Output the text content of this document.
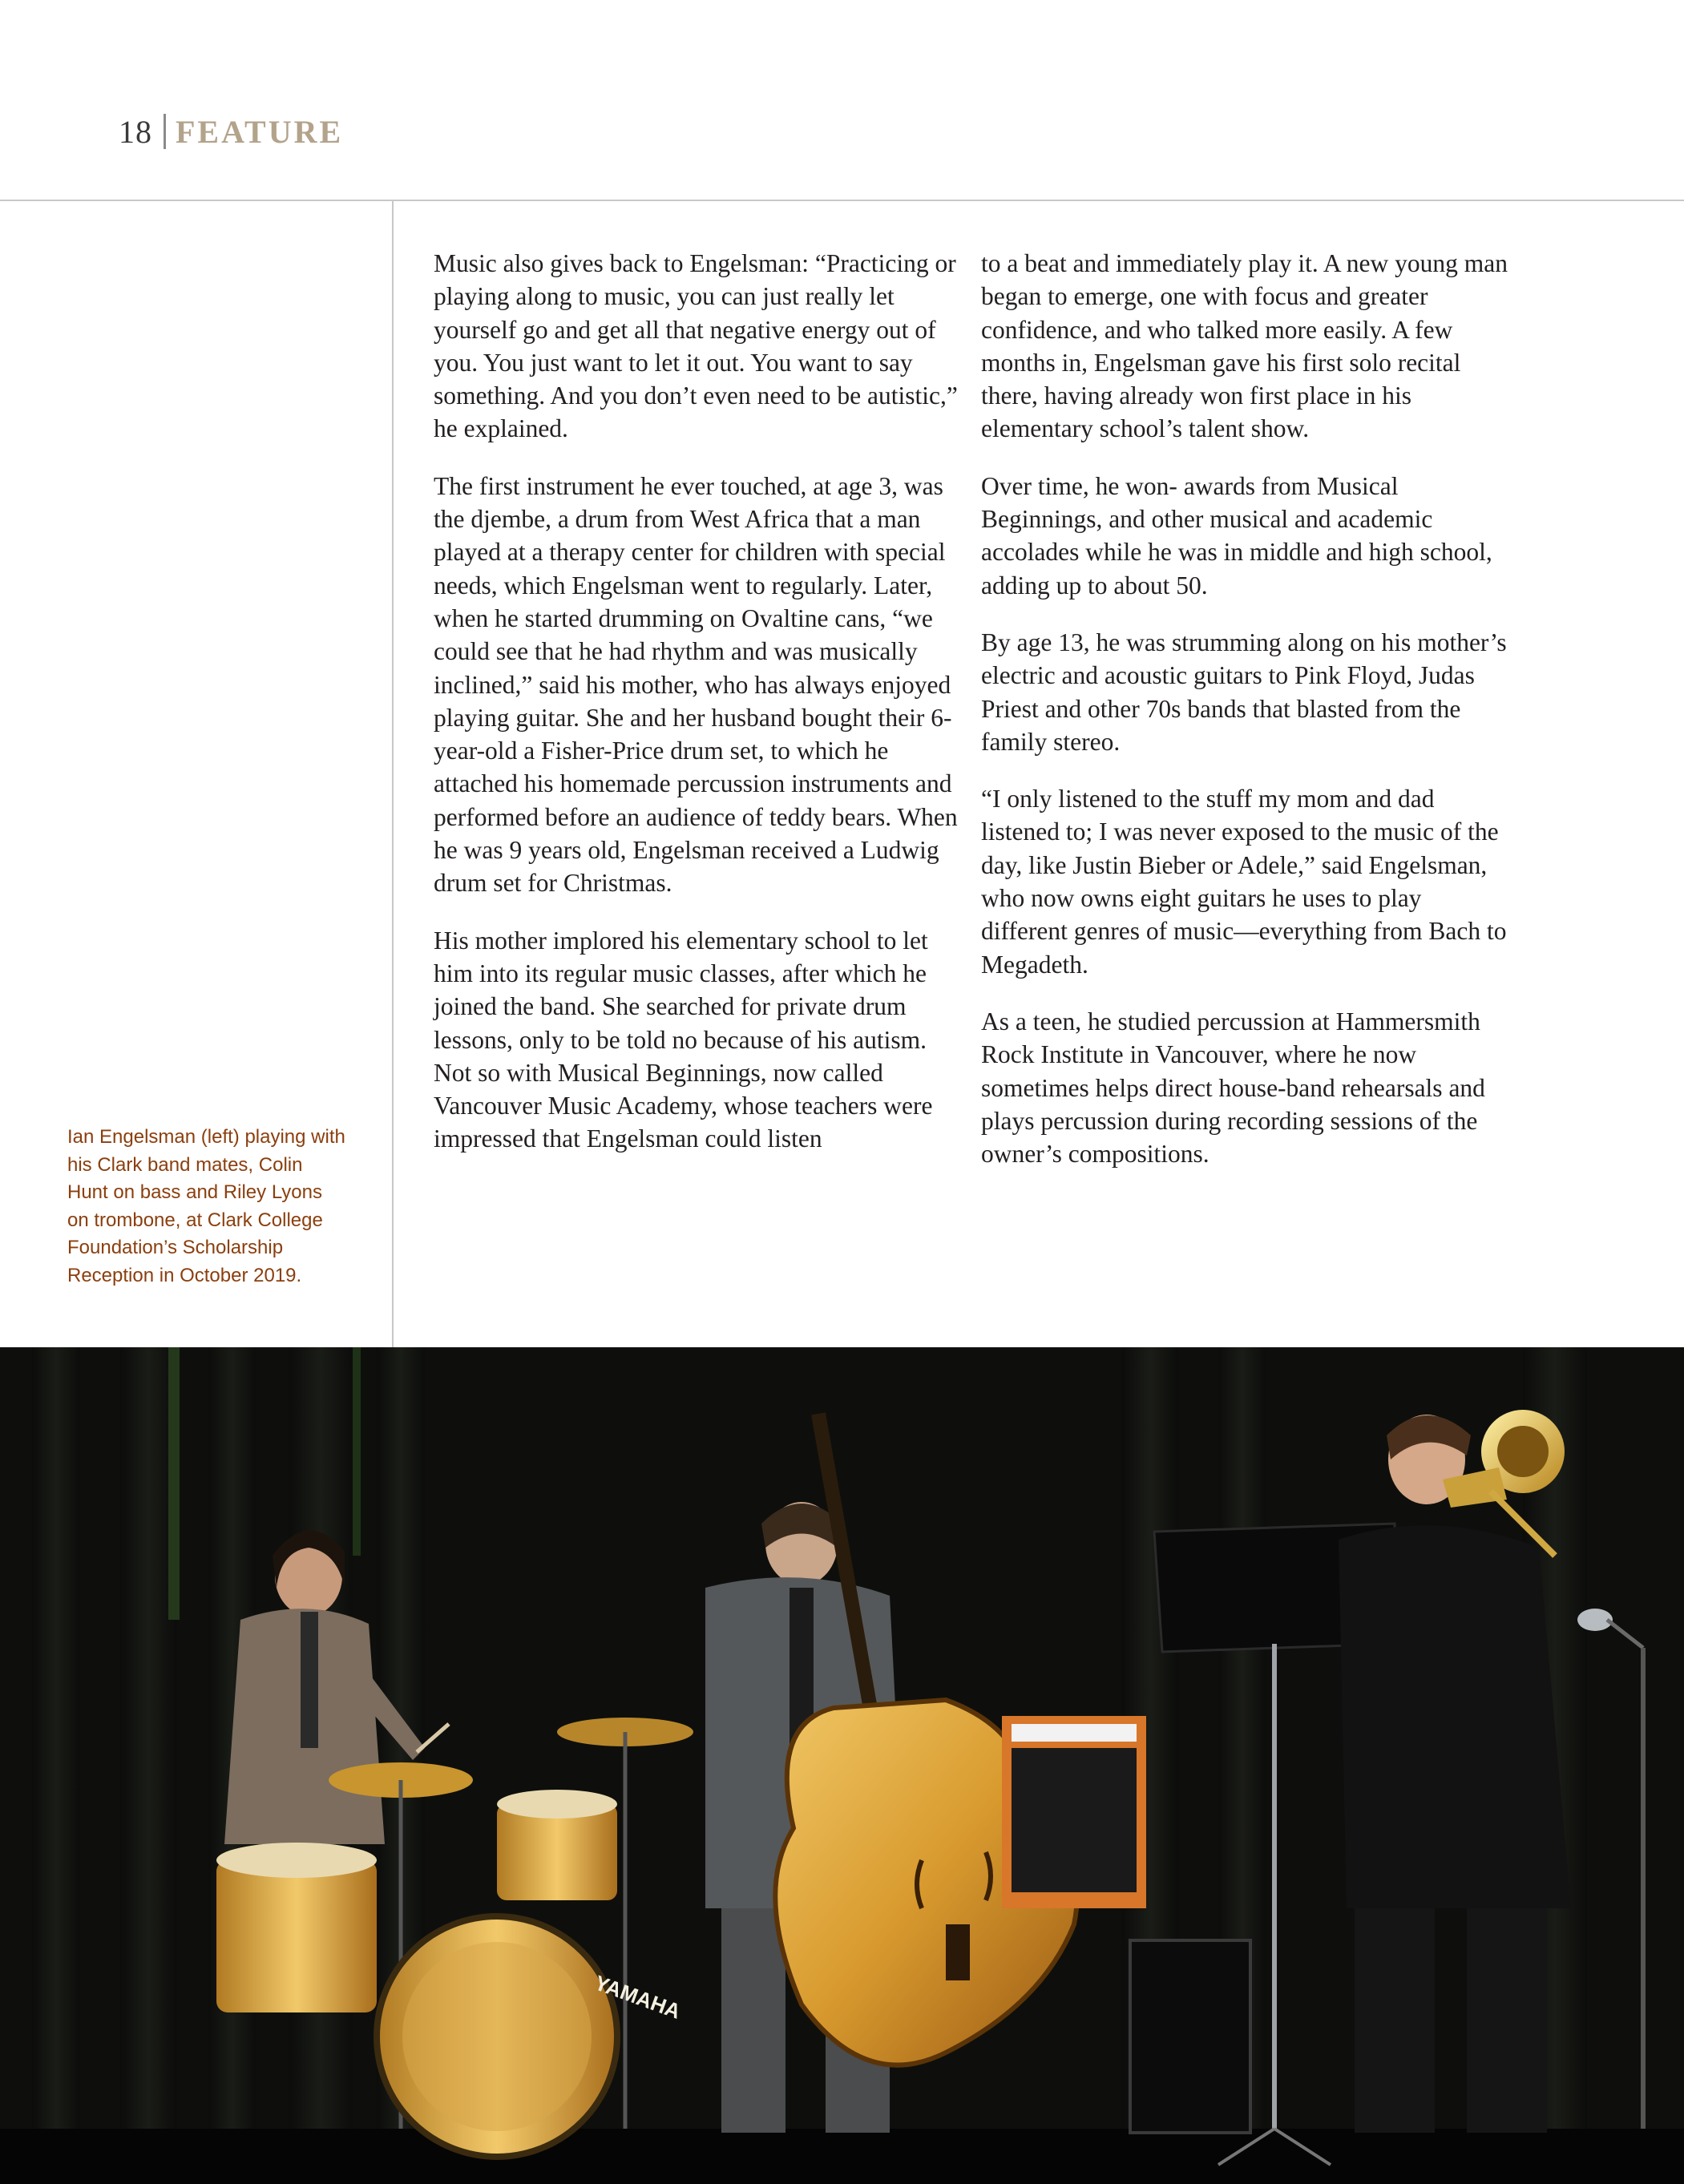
18 FEATURE
Ian Engelsman (left) playing with his Clark band mates, Colin Hunt on bass and Riley Lyons on trombone, at Clark College Foundation’s Scholarship Reception in October 2019.

Music also gives back to Engelsman: “Practicing or playing along to music, you can just really let yourself go and get all that negative energy out of you. You just want to let it out. You want to say something. And you don’t even need to be autistic,” he explained.

The first instrument he ever touched, at age 3, was the djembe, a drum from West Africa that a man played at a therapy center for children with special needs, which Engelsman went to regularly. Later, when he started drumming on Ovaltine cans, “we could see that he had rhythm and was musically inclined,” said his mother, who has always enjoyed playing guitar. She and her husband bought their 6-year-old a Fisher-Price drum set, to which he attached his homemade percussion instruments and performed before an audience of teddy bears. When he was 9 years old, Engelsman received a Ludwig drum set for Christmas.

His mother implored his elementary school to let him into its regular music classes, after which he joined the band. She searched for private drum lessons, only to be told no because of his autism. Not so with Musical Beginnings, now called Vancouver Music Academy, whose teachers were impressed that Engelsman could listen

to a beat and immediately play it. A new young man began to emerge, one with focus and greater confidence, and who talked more easily. A few months in, Engelsman gave his first solo recital there, having already won first place in his elementary school’s talent show.

Over time, he won- awards from Musical Beginnings, and other musical and academic accolades while he was in middle and high school, adding up to about 50.

By age 13, he was strumming along on his mother’s electric and acoustic guitars to Pink Floyd, Judas Priest and other 70s bands that blasted from the family stereo.

“I only listened to the stuff my mom and dad listened to; I was never exposed to the music of the day, like Justin Bieber or Adele,” said Engelsman, who now owns eight guitars he uses to play different genres of music—everything from Bach to Megadeth.

As a teen, he studied percussion at Hammersmith Rock Institute in Vancouver, where he now sometimes helps direct house-band rehearsals and plays percussion during recording sessions of the owner’s compositions.

YAMAHA
